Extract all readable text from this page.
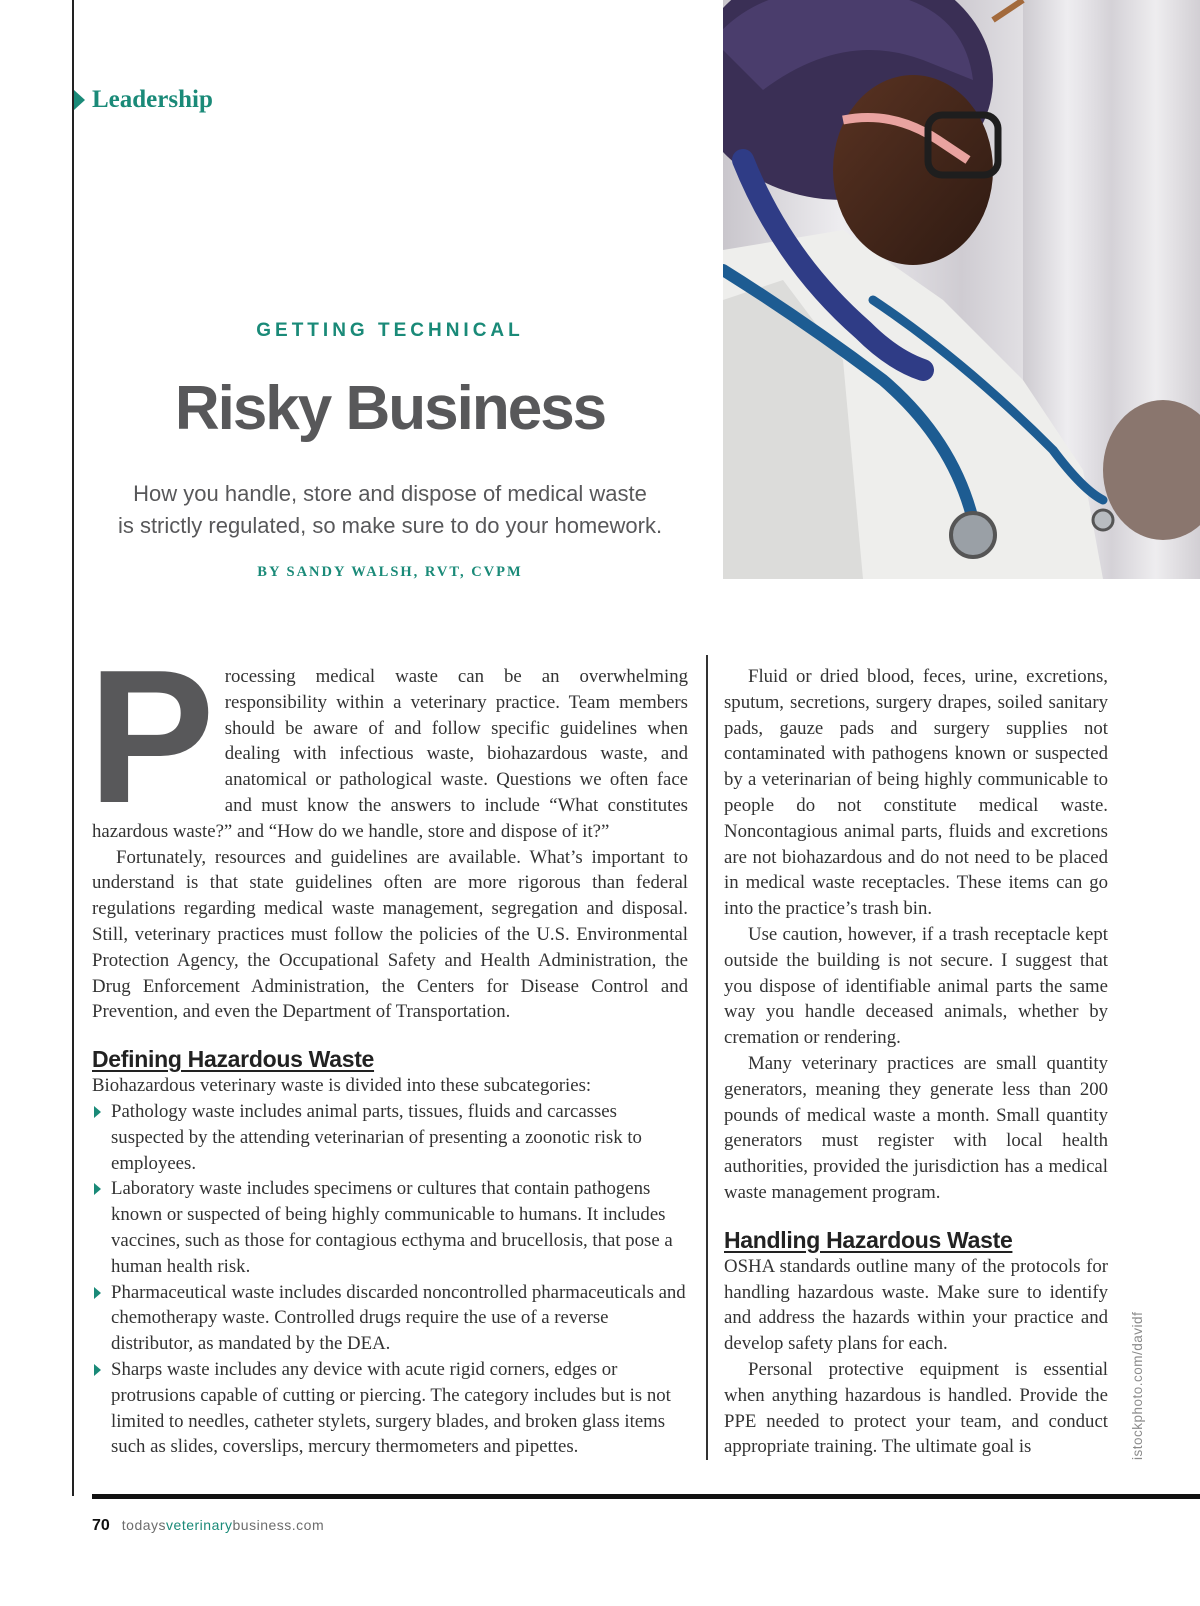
Leadership
GETTING TECHNICAL
Risky Business
How you handle, store and dispose of medical waste
is strictly regulated, so make sure to do your homework.
BY SANDY WALSH, RVT, CVPM

Processing medical waste can be an overwhelming responsibility within a veterinary practice. Team members should be aware of and follow specific guidelines when dealing with infectious waste, biohazardous waste, and anatomical or pathological waste. Questions we often face and must know the answers to include “What constitutes hazardous waste?” and “How do we handle, store and dispose of it?”

Fortunately, resources and guidelines are available. What’s important to understand is that state guidelines often are more rigorous than federal regulations regarding medical waste management, segregation and disposal. Still, veterinary practices must follow the policies of the U.S. Environmental Protection Agency, the Occupational Safety and Health Administration, the Drug Enforcement Administration, the Centers for Disease Control and Prevention, and even the Department of Transportation.

Defining Hazardous Waste

Biohazardous veterinary waste is divided into these subcategories:

Pathology waste includes animal parts, tissues, fluids and carcasses suspected by the attending veterinarian of presenting a zoonotic risk to employees.
Laboratory waste includes specimens or cultures that contain pathogens known or suspected of being highly communicable to humans. It includes vaccines, such as those for contagious ecthyma and brucellosis, that pose a human health risk.
Pharmaceutical waste includes discarded noncontrolled pharmaceuticals and chemotherapy waste. Controlled drugs require the use of a reverse distributor, as mandated by the DEA.
Sharps waste includes any device with acute rigid corners, edges or protrusions capable of cutting or piercing. The category includes but is not limited to needles, catheter stylets, surgery blades, and broken glass items such as slides, coverslips, mercury thermometers and pipettes.

Fluid or dried blood, feces, urine, excretions, sputum, secretions, surgery drapes, soiled sanitary pads, gauze pads and surgery supplies not contaminated with pathogens known or suspected by a veterinarian of being highly communicable to people do not constitute medical waste. Noncontagious animal parts, fluids and excretions are not biohazardous and do not need to be placed in medical waste receptacles. These items can go into the practice’s trash bin.

Use caution, however, if a trash receptacle kept outside the building is not secure. I suggest that you dispose of identifiable animal parts the same way you handle deceased animals, whether by cremation or rendering.

Many veterinary practices are small quantity generators, meaning they generate less than 200 pounds of medical waste a month. Small quantity generators must register with local health authorities, provided the jurisdiction has a medical waste management program.

Handling Hazardous Waste

OSHA standards outline many of the protocols for handling hazardous waste. Make sure to identify and address the hazards within your practice and develop safety plans for each.

Personal protective equipment is essential when anything hazardous is handled. Provide the PPE needed to protect your team, and conduct appropriate training. The ultimate goal is	istockphoto.com/davidf
70 todaysveterinarybusiness.com
